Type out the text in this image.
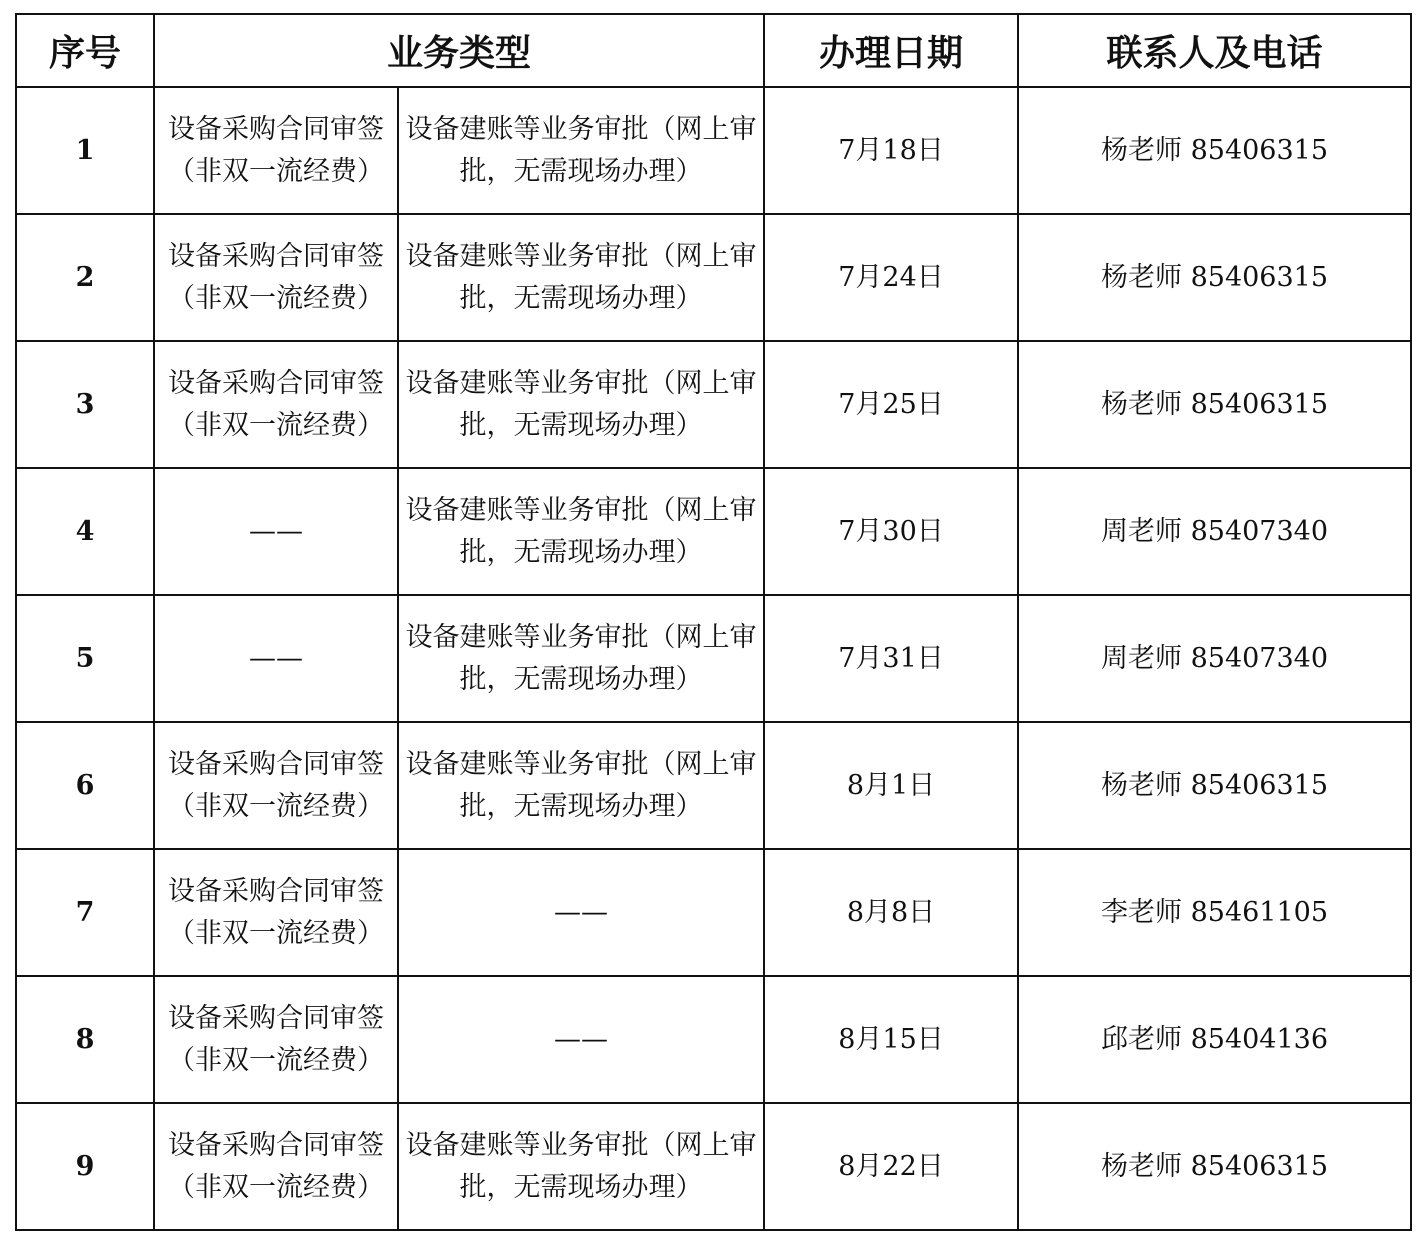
序号	业务类型		办理日期	联系人及电话
1	设备采购合同审签（非双一流经费）	设备建账等业务审批（网上审批，无需现场办理）	7月18日	杨老师 85406315
2	设备采购合同审签（非双一流经费）	设备建账等业务审批（网上审批，无需现场办理）	7月24日	杨老师 85406315
3	设备采购合同审签（非双一流经费）	设备建账等业务审批（网上审批，无需现场办理）	7月25日	杨老师 85406315
4	——	设备建账等业务审批（网上审批，无需现场办理）	7月30日	周老师 85407340
5	——	设备建账等业务审批（网上审批，无需现场办理）	7月31日	周老师 85407340
6	设备采购合同审签（非双一流经费）	设备建账等业务审批（网上审批，无需现场办理）	8月1日	杨老师 85406315
7	设备采购合同审签（非双一流经费）	——	8月8日	李老师 85461105
8	设备采购合同审签（非双一流经费）	——	8月15日	邱老师 85404136
9	设备采购合同审签（非双一流经费）	设备建账等业务审批（网上审批，无需现场办理）	8月22日	杨老师 85406315
